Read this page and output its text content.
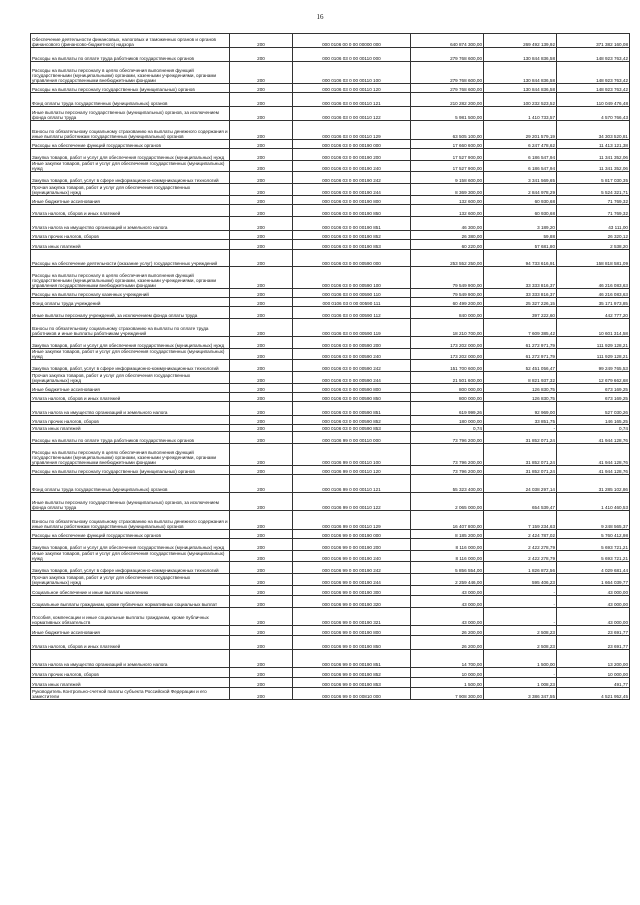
16
Обеспечение деятельности финансовых, налоговых и таможенных органов и органов финансового (финансово-бюджетного) надзора	200	000 0106 00 0 00 00000 000	640 874 300,00	269 492 139,92	371 382 160,08
Расходы на выплаты по оплате труда работников государственных органов	200	000 0106 03 0 00 00110 000	279 768 600,00	130 844 836,58	148 923 763,42
Расходы на выплаты персоналу в целях обеспечения выполнения функций государственными (муниципальными) органами, казенными учреждениями, органами управления государственными внебюджетными фондами	200	000 0106 03 0 00 00110 100	279 768 600,00	130 844 836,58	148 923 763,42
Расходы на выплаты персоналу государственных (муниципальных) органов	200	000 0106 03 0 00 00110 120	279 768 600,00	130 844 836,58	148 923 763,42
Фонд оплаты труда государственных (муниципальных) органов	200	000 0106 03 0 00 00110 121	210 282 200,00	100 232 523,52	110 049 476,48
Иные выплаты персоналу государственных (муниципальных) органов, за исключением фонда оплаты труда	200	000 0106 03 0 00 00110 122	5 981 500,00	1 410 733,57	4 570 766,43
Взносы по обязательному социальному страхованию на выплаты денежного содержания и иные выплаты работникам государственных (муниципальных) органов	200	000 0106 03 0 00 00110 129	63 505 100,00	29 201 579,19	34 303 520,81
Расходы на обеспечение функций государственных органов	200	000 0106 03 0 00 00190 000	17 660 600,00	6 247 478,62	11 413 121,38
Закупка товаров, работ и услуг для обеспечения государственных (муниципальных) нужд	200	000 0106 03 0 00 00190 200	17 527 900,00	6 186 547,94	11 341 352,06
Иные закупки товаров, работ и услуг для обеспечения государственных (муниципальных) нужд	200	000 0106 03 0 00 00190 240	17 527 900,00	6 186 547,94	11 341 352,06
Закупка товаров, работ, услуг в сфере информационно-коммуникационных технологий	200	000 0106 03 0 00 00190 242	9 158 600,00	3 341 569,65	5 817 030,35
Прочая закупка товаров, работ и услуг для обеспечения государственных (муниципальных) нужд	200	000 0106 03 0 00 00190 244	8 369 300,00	2 844 978,29	5 524 321,71
Иные бюджетные ассигнования	200	000 0106 03 0 00 00190 800	132 600,00	60 930,68	71 769,32
Уплата налогов, сборов и иных платежей	200	000 0106 03 0 00 00190 850	132 600,00	60 930,68	71 769,32
Уплата налога на имущество организаций и земельного налога	200	000 0106 03 0 00 00190 851	46 300,00	3 189,20	43 111,00
Уплата прочих налогов, сборов	200	000 0106 03 0 00 00190 852	26 380,00	59,88	26 320,12
Уплата иных платежей	200	000 0106 03 0 00 00190 853	60 220,00	57 681,80	2 538,20
Расходы на обеспечение деятельности (оказание услуг) государственных учреждений	200	000 0106 03 0 00 00590 000	253 552 250,00	94 733 616,91	158 818 581,09
Расходы на выплаты персоналу в целях обеспечения выполнения функций государственными (муниципальными) органами, казенными учреждениями, органами управления государственными внебюджетными фондами	200	000 0106 03 0 00 00590 100	79 549 900,00	33 333 816,37	46 216 083,63
Расходы на выплаты персоналу казенных учреждений	200	000 0106 03 0 00 00590 110	79 549 900,00	33 333 816,37	46 216 083,63
Фонд оплаты труда учреждений	200	000 0106 03 0 00 00590 111	60 499 200,00	25 327 226,15	35 171 973,85
Иные выплаты персоналу учреждений, за исключением фонда оплаты труда	200	000 0106 03 0 00 00590 112	840 000,00	397 222,60	442 777,20
Взносы по обязательному социальному страхованию на выплаты по оплате труда работников и иные выплаты работникам учреждений	200	000 0106 03 0 00 00590 119	18 210 700,00	7 609 385,42	10 601 314,58
Закупка товаров, работ и услуг для обеспечения государственных (муниципальных) нужд	200	000 0106 03 0 00 00590 200	173 202 000,00	61 272 971,79	111 929 128,21
Иные закупки товаров, работ и услуг для обеспечения государственных (муниципальных) нужд	200	000 0106 03 0 00 00590 240	173 202 000,00	61 272 971,79	111 929 128,21
Закупка товаров, работ, услуг в сфере информационно-коммуникационных технологий	200	000 0106 03 0 00 00590 242	151 700 600,00	52 451 056,47	99 249 765,53
Прочая закупка товаров, работ и услуг для обеспечения государственных (муниципальных) нужд	200	000 0106 03 0 00 00590 244	21 501 600,00	8 821 937,32	12 679 662,68
Иные бюджетные ассигнования	200	000 0106 03 0 00 00590 800	800 000,00	126 830,75	673 169,25
Уплата налогов, сборов и иных платежей	200	000 0106 03 0 00 00590 850	800 000,00	126 830,75	673 169,25
Уплата налога на имущество организаций и земельного налога	200	000 0106 03 0 00 00590 851	619 999,26	92 969,00	527 030,26
Уплата прочих налогов, сборов	200	000 0106 03 0 00 00590 852	180 000,00	33 851,75	146 165,25
Уплата иных платежей	200	000 0106 03 0 00 00590 853	0,74	-	0,74
Расходы на выплаты по оплате труда работников государственных органов	200	000 0106 99 0 00 00110 000	73 796 200,00	31 852 071,24	41 944 128,76
Расходы на выплаты персоналу в целях обеспечения выполнения функций государственными (муниципальными) органами, казенными учреждениями, органами управления государственными внебюджетными фондами	200	000 0106 99 0 00 00110 100	73 796 200,00	31 852 071,24	41 944 128,76
Расходы на выплаты персоналу государственных (муниципальных) органов	200	000 0106 99 0 00 00110 120	73 796 200,00	31 852 071,24	41 944 128,76
Фонд оплаты труда государственных (муниципальных) органов	200	000 0106 99 0 00 00110 121	55 323 400,00	24 038 297,14	31 285 102,86
Иные выплаты персоналу государственных (муниципальных) органов, за исключением фонда оплаты труда	200	000 0106 99 0 00 00110 122	2 065 000,00	654 539,47	1 410 460,53
Взносы по обязательному социальному страхованию на выплаты денежного содержания и иные выплаты работникам государственных (муниципальных) органов	200	000 0106 99 0 00 00110 129	16 407 800,00	7 159 234,63	9 248 565,37
Расходы на обеспечение функций государственных органов	200	000 0106 99 0 00 00190 000	8 185 200,00	2 424 787,02	5 760 412,98
Закупка товаров, работ и услуг для обеспечения государственных (муниципальных) нужд	200	000 0106 99 0 00 00190 200	8 116 000,00	2 422 278,79	5 693 721,21
Иные закупки товаров, работ и услуг для обеспечения государственных (муниципальных) нужд	200	000 0106 99 0 00 00190 240	8 116 000,00	2 422 278,79	5 693 721,21
Закупка товаров, работ, услуг в сфере информационно-коммуникационных технологий	200	000 0106 99 0 00 00190 242	5 856 554,00	1 826 872,56	4 029 681,44
Прочая закупка товаров, работ и услуг для обеспечения государственных (муниципальных) нужд	200	000 0106 99 0 00 00190 244	2 259 446,00	595 406,23	1 664 039,77
Социальное обеспечение и иные выплаты населению	200	000 0106 99 0 00 00190 300	43 000,00	-	43 000,00
Социальные выплаты гражданам, кроме публичных нормативных социальных выплат	200	000 0106 99 0 00 00190 320	43 000,00	-	43 000,00
Пособия, компенсации и иные социальные выплаты гражданам, кроме публичных нормативных обязательств	200	000 0106 99 0 00 00190 321	43 000,00	-	43 000,00
Иные бюджетные ассигнования	200	000 0106 99 0 00 00190 800	26 200,00	2 508,23	23 691,77
Уплата налогов, сборов и иных платежей	200	000 0106 99 0 00 00190 850	26 200,00	2 508,23	23 691,77
Уплата налога на имущество организаций и земельного налога	200	000 0106 99 0 00 00190 851	14 700,00	1 500,00	13 200,00
Уплата прочих налогов, сборов	200	000 0106 99 0 00 00190 852	10 000,00	-	10 000,00
Уплата иных платежей	200	000 0106 99 0 00 00190 853	1 500,00	1 008,23	491,77
Руководитель Контрольно-счетной палаты субъекта Российской Федерации и его заместители	200	000 0106 99 0 00 00810 000	7 908 300,00	3 386 347,55	4 521 952,45
